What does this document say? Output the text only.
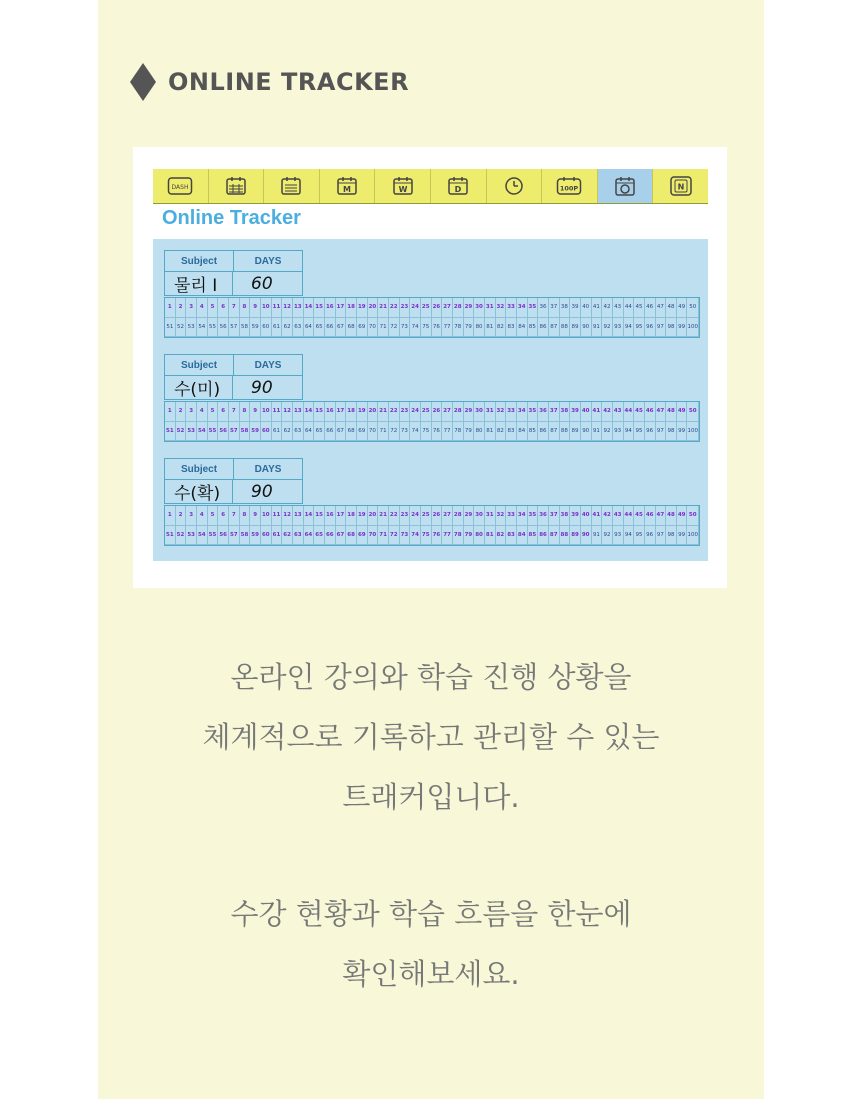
ONLINE TRACKER
DASH	M	W	D	100P	N
Online Tracker
Subject	DAYS
물리 I	60
1	2	3	4	5	6	7	8	9 10 11 12 13 14 15 16 17 18 19 20 21 22 23 24 25 26 27 28 29 30 31 32 33 34 35 36 37 38 39 40 41 42 43 44 45 46 47 48 49 50
51 52 53 54 55 56 57 58 59 60 61 62 63 64 65 66 67 68 69 70 71 72 73 74 75 76 77 78 79 80 81 82 83 84 85 86 87 88 89 90 91 92 93 94 95 96 97 98 99 100
Subject	DAYS
수(미)	90
1	2	3	4	5	6	7	8	9 10 11 12 13 14 15 16 17 18 19 20 21 22 23 24 25 26 27 28 29 30 31 32 33 34 35 36 37 38 39 40 41 42 43 44 45 46 47 48 49 50
51 52 53 54 55 56 57 58 59 60 61 62 63 64 65 66 67 68 69 70 71 72 73 74 75 76 77 78 79 80 81 82 83 84 85 86 87 88 89 90 91 92 93 94 95 96 97 98 99 100
Subject	DAYS
수(확)	90
1	2	3	4	5	6	7	8	9 10 11 12 13 14 15 16 17 18 19 20 21 22 23 24 25 26 27 28 29 30 31 32 33 34 35 36 37 38 39 40 41 42 43 44 45 46 47 48 49 50
51 52 53 54 55 56 57 58 59 60 61 62 63 64 65 66 67 68 69 70 71 72 73 74 75 76 77 78 79 80 81 82 83 84 85 86 87 88 89 90 91 92 93 94 95 96 97 98 99 100
온라인 강의와 학습 진행 상황을
체계적으로 기록하고 관리할 수 있는
트래커입니다.
수강 현황과 학습 흐름을 한눈에
확인해보세요.
